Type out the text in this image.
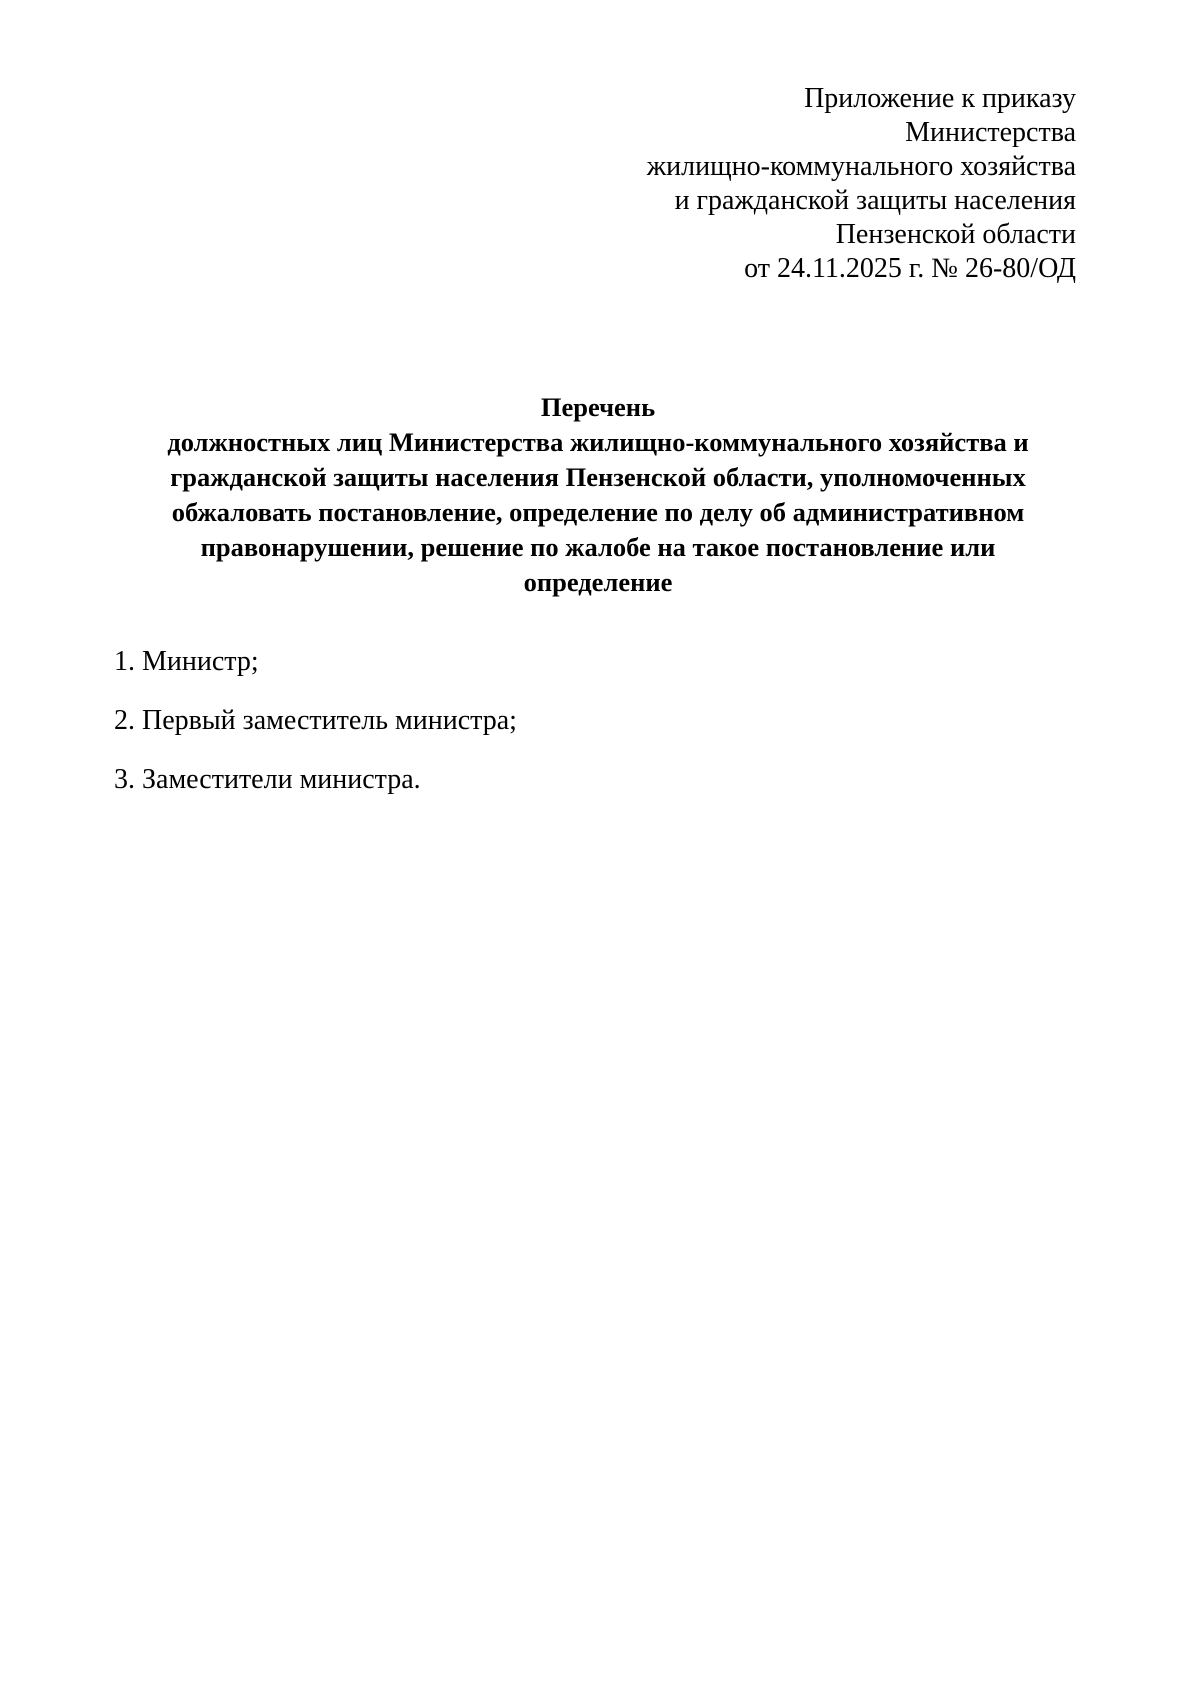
Приложение к приказу
Министерства
жилищно-коммунального хозяйства
и гражданской защиты населения
Пензенской области
от 24.11.2025 г. № 26-80/ОД
Перечень
должностных лиц Министерства жилищно-коммунального хозяйства и
гражданской защиты населения Пензенской области, уполномоченных
обжаловать постановление, определение по делу об административном
правонарушении, решение по жалобе на такое постановление или
определение
1. Министр;
2. Первый заместитель министра;
3. Заместители министра.
